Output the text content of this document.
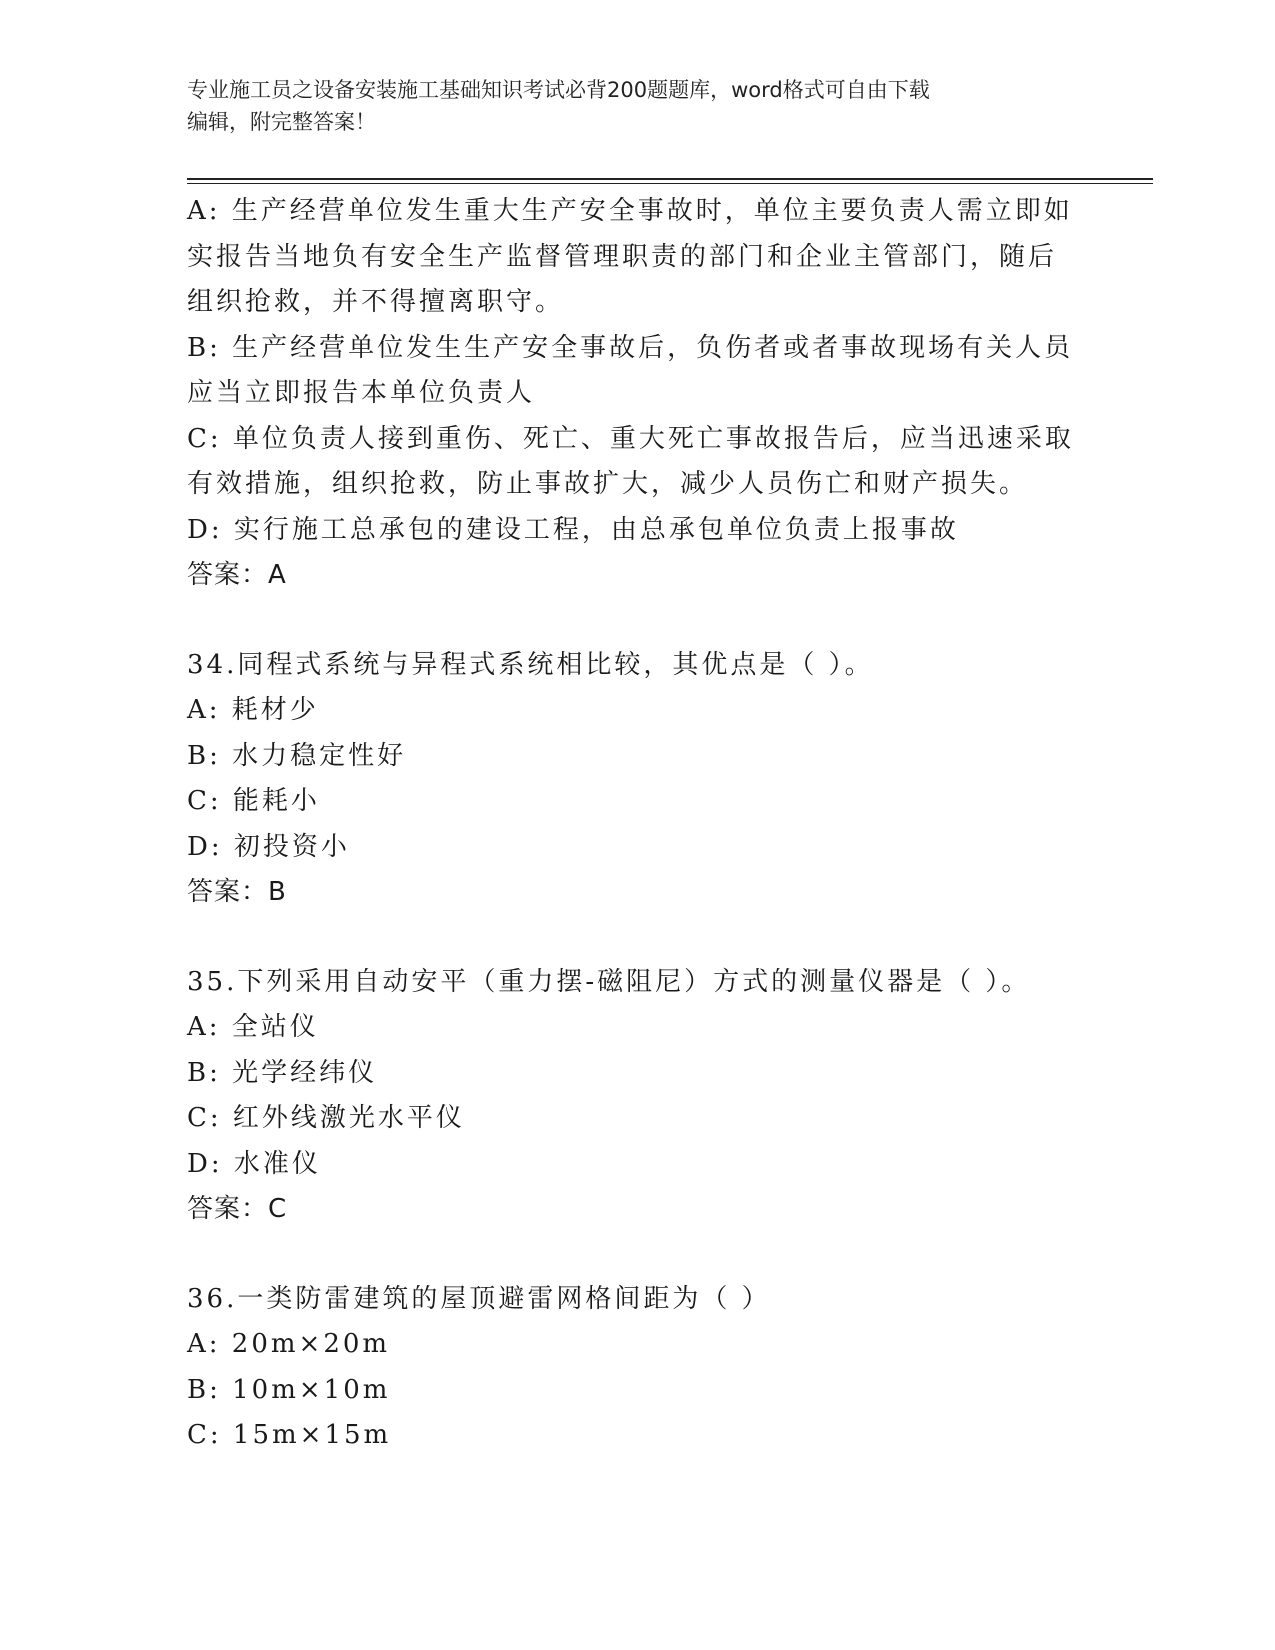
专业施工员之设备安装施工基础知识考试必背200题题库，word格式可自由下载
编辑，附完整答案！
A: 生产经营单位发生重大生产安全事故时，单位主要负责人需立即如
实报告当地负有安全生产监督管理职责的部门和企业主管部门，随后
组织抢救，并不得擅离职守。
B: 生产经营单位发生生产安全事故后，负伤者或者事故现场有关人员
应当立即报告本单位负责人
C: 单位负责人接到重伤、死亡、重大死亡事故报告后，应当迅速采取
有效措施，组织抢救，防止事故扩大，减少人员伤亡和财产损失。
D: 实行施工总承包的建设工程，由总承包单位负责上报事故
答案：A
34.同程式系统与异程式系统相比较，其优点是（ ）。
A: 耗材少
B: 水力稳定性好
C: 能耗小
D: 初投资小
答案：B
35.下列采用自动安平（重力摆-磁阻尼）方式的测量仪器是（ ）。
A: 全站仪
B: 光学经纬仪
C: 红外线激光水平仪
D: 水准仪
答案：C
36.一类防雷建筑的屋顶避雷网格间距为（ ）
A: 20m×20m
B: 10m×10m
C: 15m×15m
